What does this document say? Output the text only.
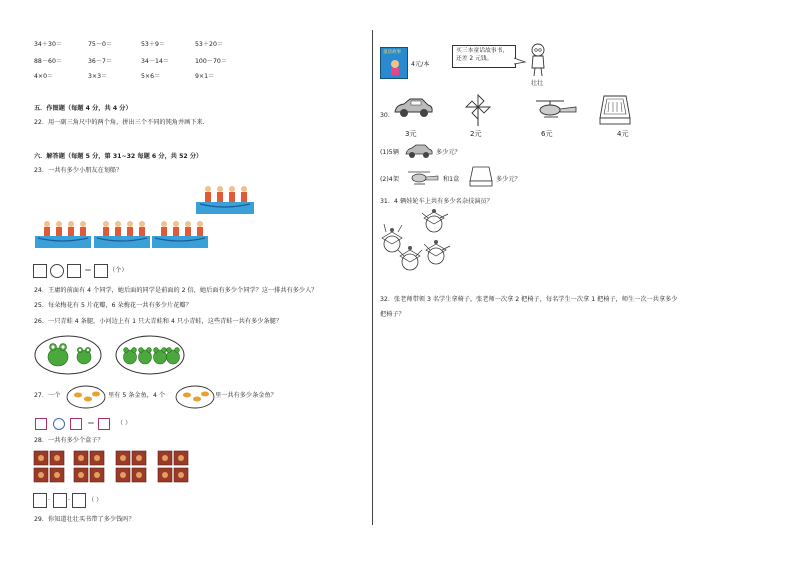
34＋30＝	75－0＝	53＋9＝	53＋20＝
88－60＝	36－7＝	34－14＝	100－70＝
4×0＝	3×3＝	5×6＝	9×1＝
五．作图题（每题 4 分，共 4 分）
22．用一副三角尺中的两个角，拼出三个不同的钝角并画下来.
六．解答题（每题 5 分，第 31~32 每题 6 分，共 52 分）
23．一共有多少小朋友在划船？
＝	（个）
24．王庸的前面有 4 个同学，她后面的同学是前面的 2 倍，她后面有多少个同学？这一排共有多少人？
25．每朵梅花有 5 片花瓣，6 朵梅花一共有多少片花瓣？
26．一只青蛙 4 条腿，小河边上有 1 只大青蛙和 4 只小青蛙，这些青蛙一共有多少条腿？
27．一个	里有 5 条金鱼，4 个	里一共有多少条金鱼？
＝	（ ）
28．一共有多少个盒子？
·	·	（ ）
29．你知道壮壮买书带了多少钱吗？
童话故事
4元/本
买三本童话故事书，还差 2 元钱。
壮壮
30.
3元	2元	6元	4元
(1)5辆	多少元？
(2)4架	和1盒	多少元？
31．4 辆娃轮车上共有多少名杂技演员？
32．张老师带领 3 名学生拿椅子，张老师一次拿 2 把椅子，每名学生一次拿 1 把椅子，师生一次一共拿多少
把椅子？
